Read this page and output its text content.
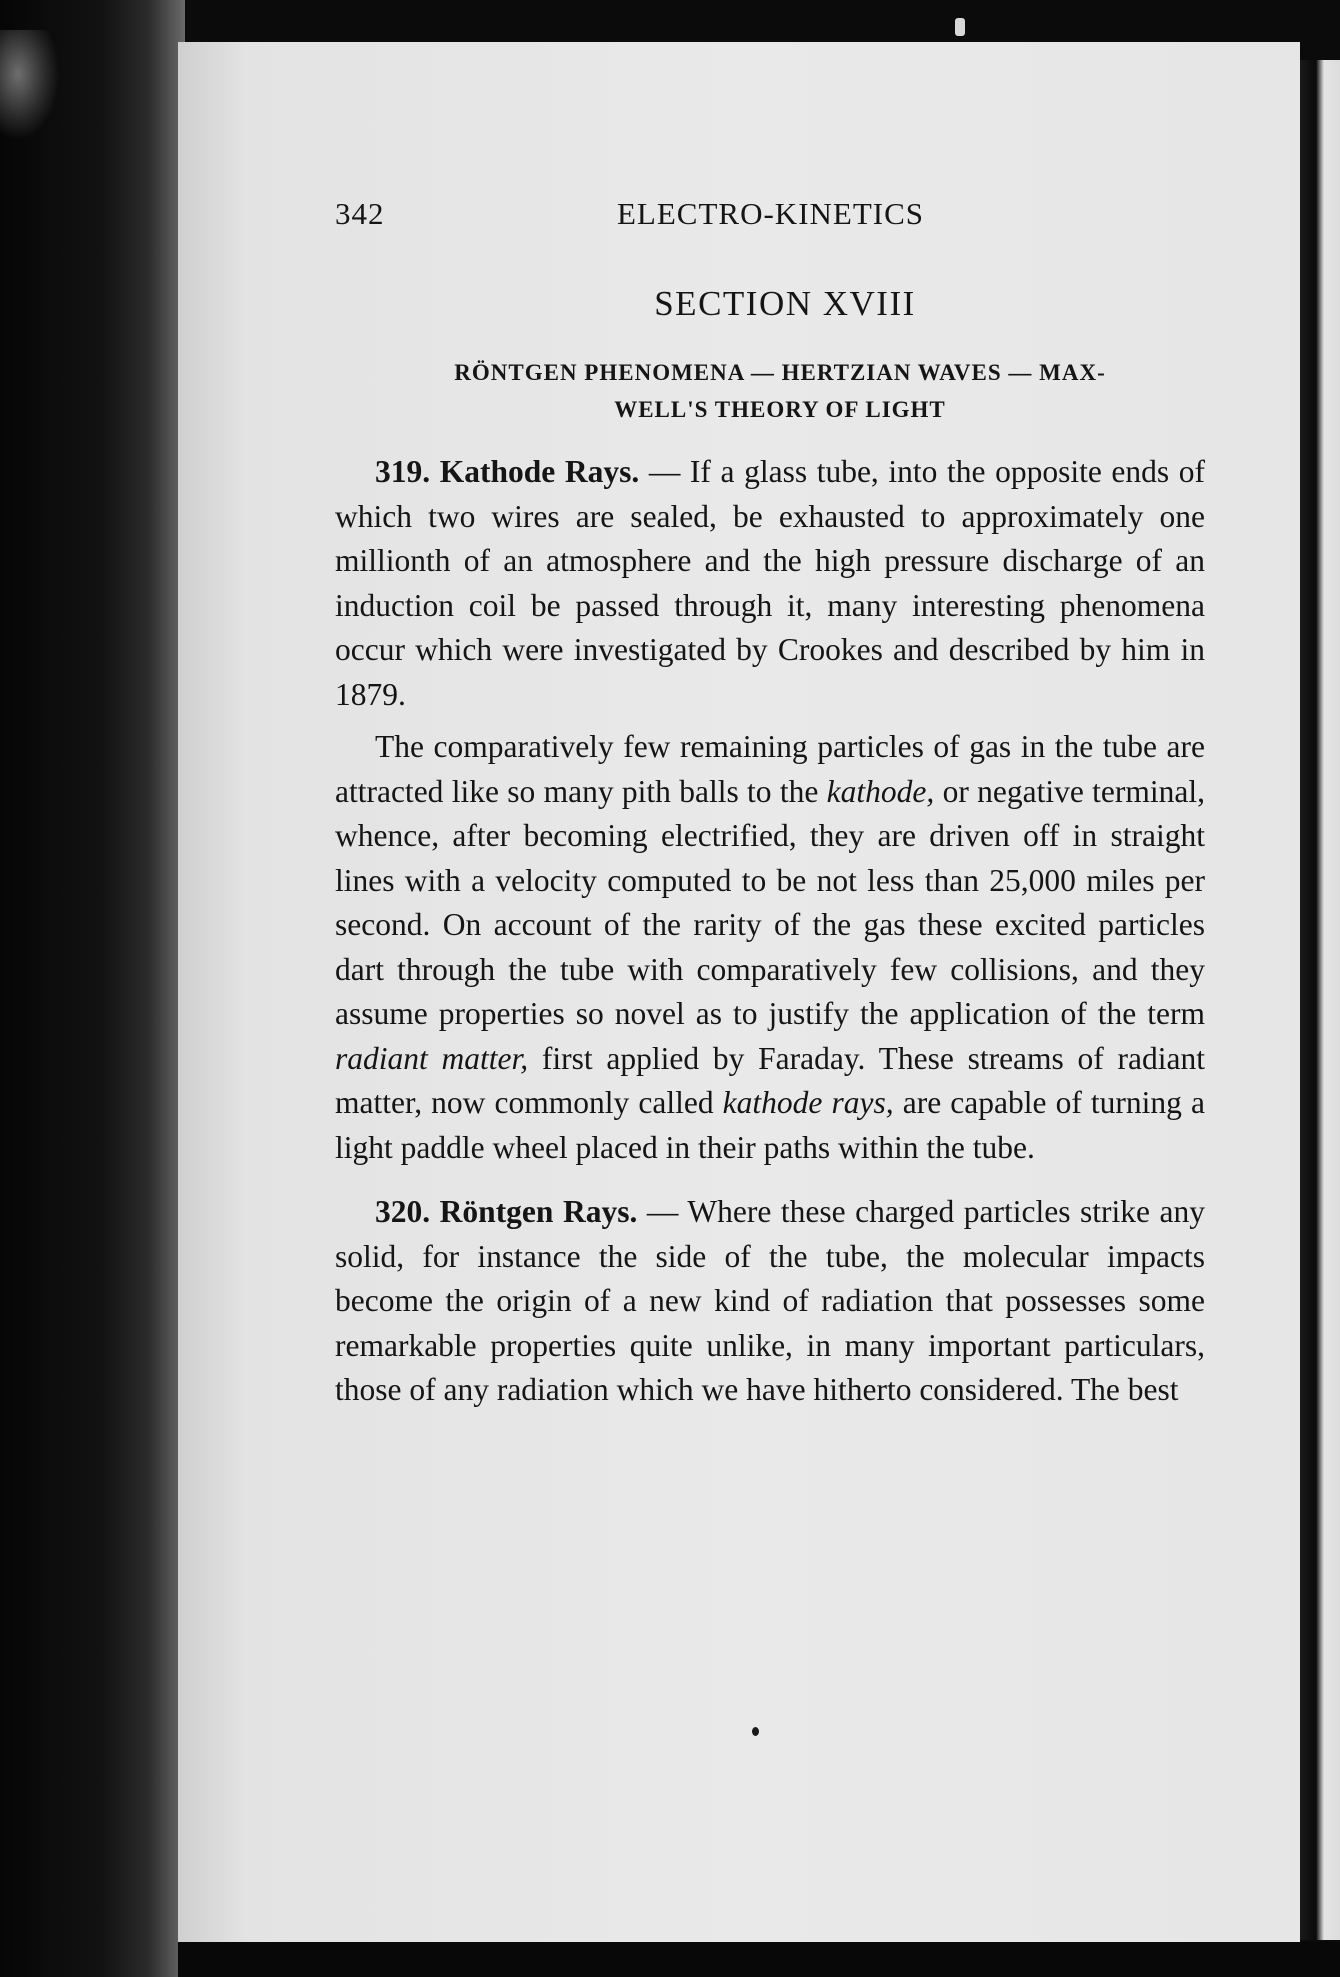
342	ELECTRO-KINETICS
SECTION XVIII
RÖNTGEN PHENOMENA — HERTZIAN WAVES — MAX-
WELL'S THEORY OF LIGHT

319. Kathode Rays. — If a glass tube, into the opposite ends of which two wires are sealed, be exhausted to approximately one millionth of an atmosphere and the high pressure discharge of an induction coil be passed through it, many interesting phenomena occur which were investigated by Crookes and described by him in 1879.

The comparatively few remaining particles of gas in the tube are attracted like so many pith balls to the kathode, or negative terminal, whence, after becoming electrified, they are driven off in straight lines with a velocity computed to be not less than 25,000 miles per second. On account of the rarity of the gas these excited particles dart through the tube with comparatively few collisions, and they assume properties so novel as to justify the application of the term radiant matter, first applied by Faraday. These streams of radiant matter, now commonly called kathode rays, are capable of turning a light paddle wheel placed in their paths within the tube.

320. Röntgen Rays. — Where these charged particles strike any solid, for instance the side of the tube, the molecular impacts become the origin of a new kind of radiation that possesses some remarkable properties quite unlike, in many important particulars, those of any radiation which we have hitherto considered. The best
